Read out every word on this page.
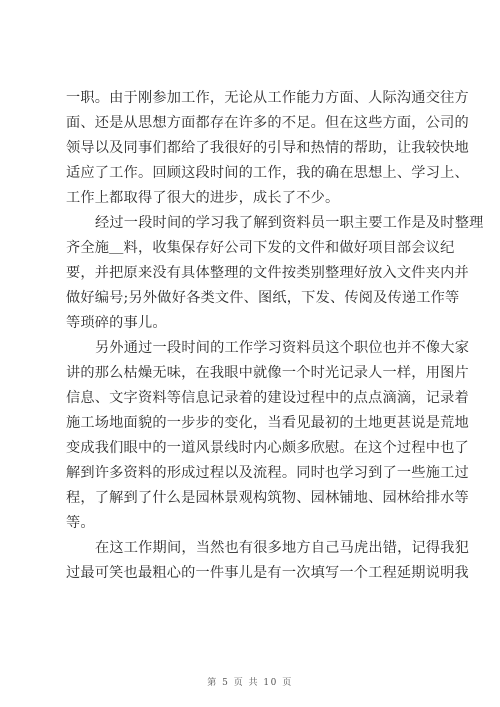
一职。由于刚参加工作，无论从工作能力方面、人际沟通交往方
面、还是从思想方面都存在许多的不足。但在这些方面，公司的
领导以及同事们都给了我很好的引导和热情的帮助，让我较快地
适应了工作。回顾这段时间的工作，我的确在思想上、学习上、
工作上都取得了很大的进步，成长了不少。
经过一段时间的学习我了解到资料员一职主要工作是及时整理
齐全施＿料，收集保存好公司下发的文件和做好项目部会议纪
要，并把原来没有具体整理的文件按类别整理好放入文件夹内并
做好编号;另外做好各类文件、图纸，下发、传阅及传递工作等
等琐碎的事儿。
另外通过一段时间的工作学习资料员这个职位也并不像大家
讲的那么枯燥无味，在我眼中就像一个时光记录人一样，用图片
信息、文字资料等信息记录着的建设过程中的点点滴滴，记录着
施工场地面貌的一步步的变化，当看见最初的土地更甚说是荒地
变成我们眼中的一道风景线时内心颇多欣慰。在这个过程中也了
解到许多资料的形成过程以及流程。同时也学习到了一些施工过
程，了解到了什么是园林景观构筑物、园林铺地、园林给排水等
等。
在这工作期间，当然也有很多地方自己马虎出错，记得我犯
过最可笑也最粗心的一件事儿是有一次填写一个工程延期说明我
第 5 页 共 10 页
